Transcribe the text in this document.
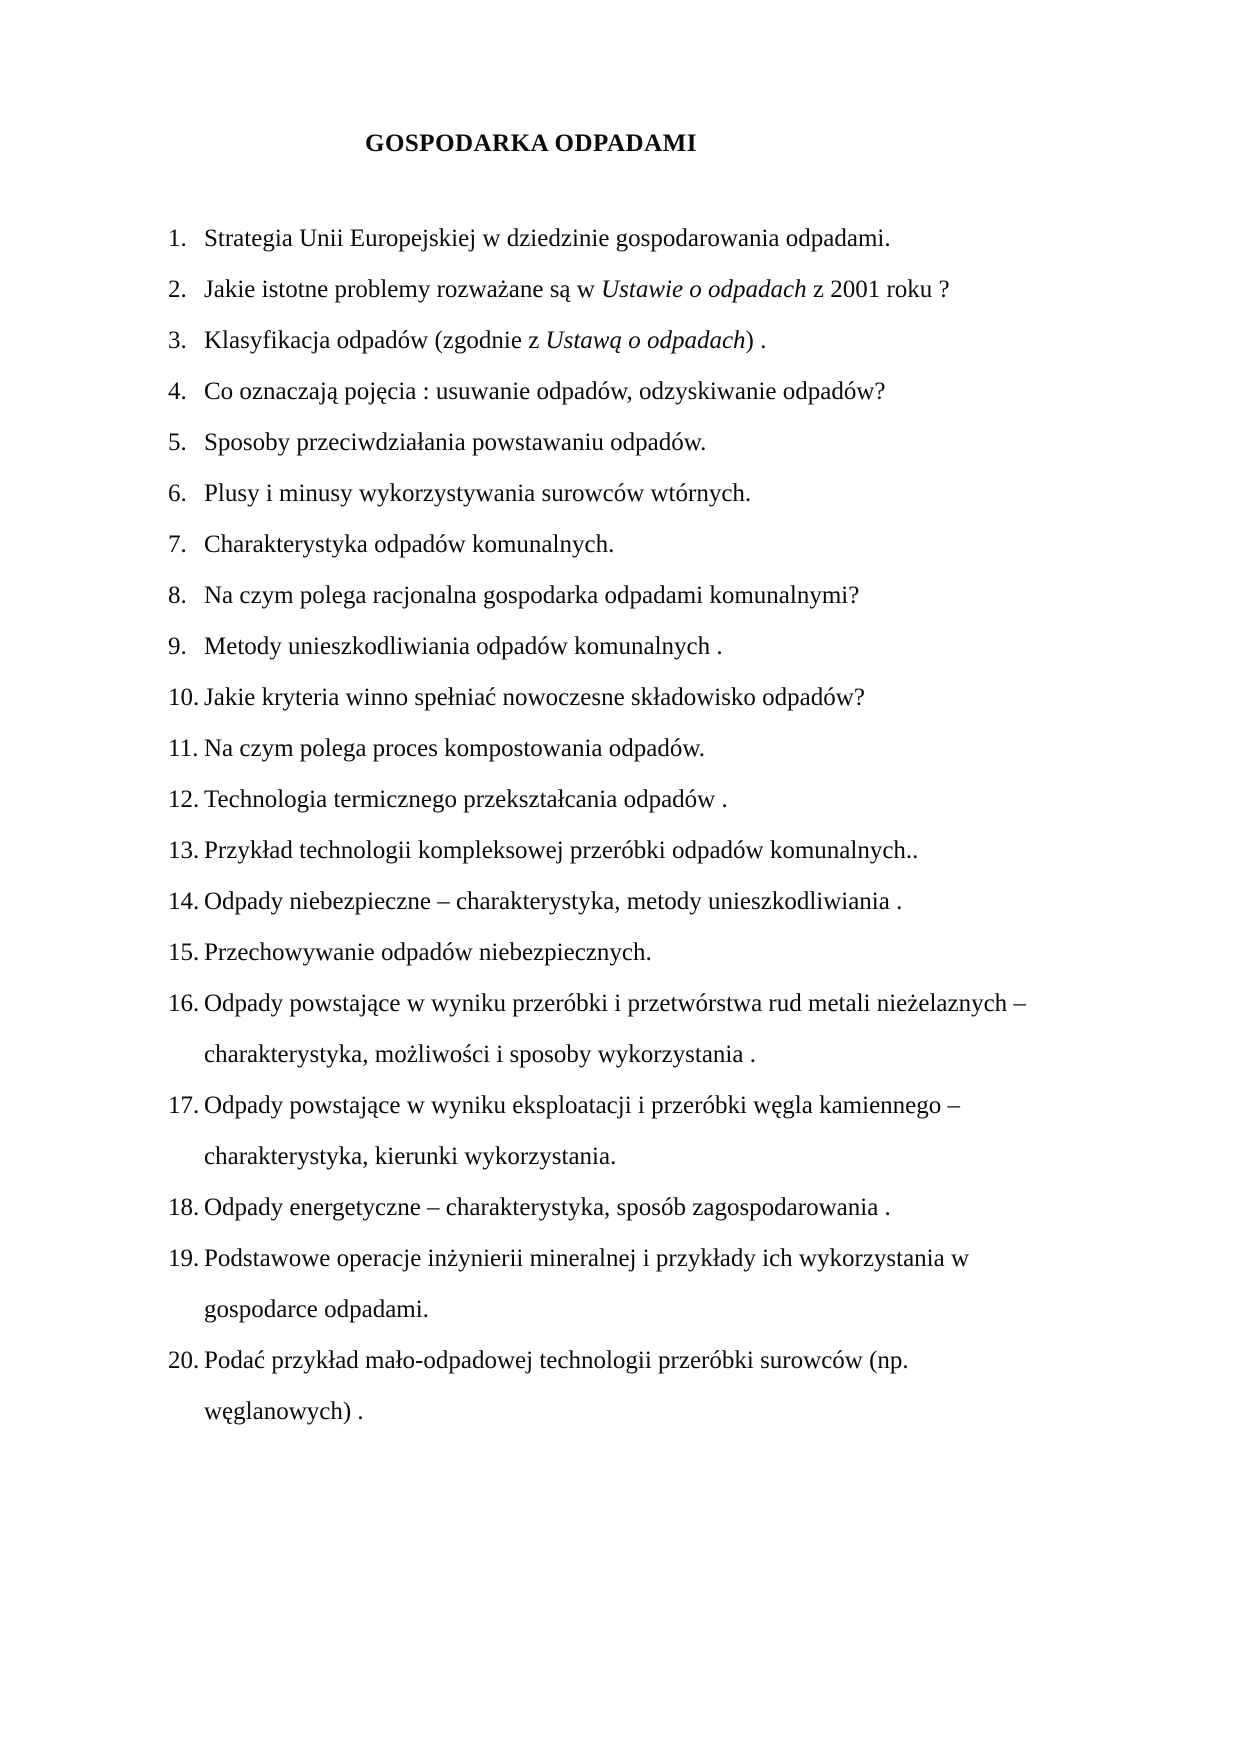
GOSPODARKA ODPADAMI
1. Strategia Unii Europejskiej w dziedzinie gospodarowania odpadami.
2. Jakie istotne problemy rozważane są w Ustawie o odpadach z 2001 roku ?
3. Klasyfikacja odpadów (zgodnie z Ustawą o odpadach) .
4. Co oznaczają pojęcia : usuwanie odpadów, odzyskiwanie odpadów?
5. Sposoby przeciwdziałania powstawaniu odpadów.
6. Plusy i minusy wykorzystywania surowców wtórnych.
7. Charakterystyka odpadów komunalnych.
8. Na czym polega racjonalna gospodarka odpadami komunalnymi?
9. Metody unieszkodliwiania odpadów komunalnych .
10. Jakie kryteria winno spełniać nowoczesne składowisko odpadów?
11. Na czym polega proces kompostowania odpadów.
12. Technologia termicznego przekształcania odpadów .
13. Przykład technologii kompleksowej przeróbki odpadów komunalnych..
14. Odpady niebezpieczne – charakterystyka, metody unieszkodliwiania .
15. Przechowywanie odpadów niebezpiecznych.
16. Odpady powstające w wyniku przeróbki i przetwórstwa rud metali nieżelaznych –
charakterystyka, możliwości i sposoby wykorzystania .
17. Odpady powstające w wyniku eksploatacji i przeróbki węgla kamiennego –
charakterystyka, kierunki wykorzystania.
18. Odpady energetyczne – charakterystyka, sposób zagospodarowania .
19. Podstawowe operacje inżynierii mineralnej i przykłady ich wykorzystania w
gospodarce odpadami.
20. Podać przykład mało-odpadowej technologii przeróbki surowców (np.
węglanowych) .
